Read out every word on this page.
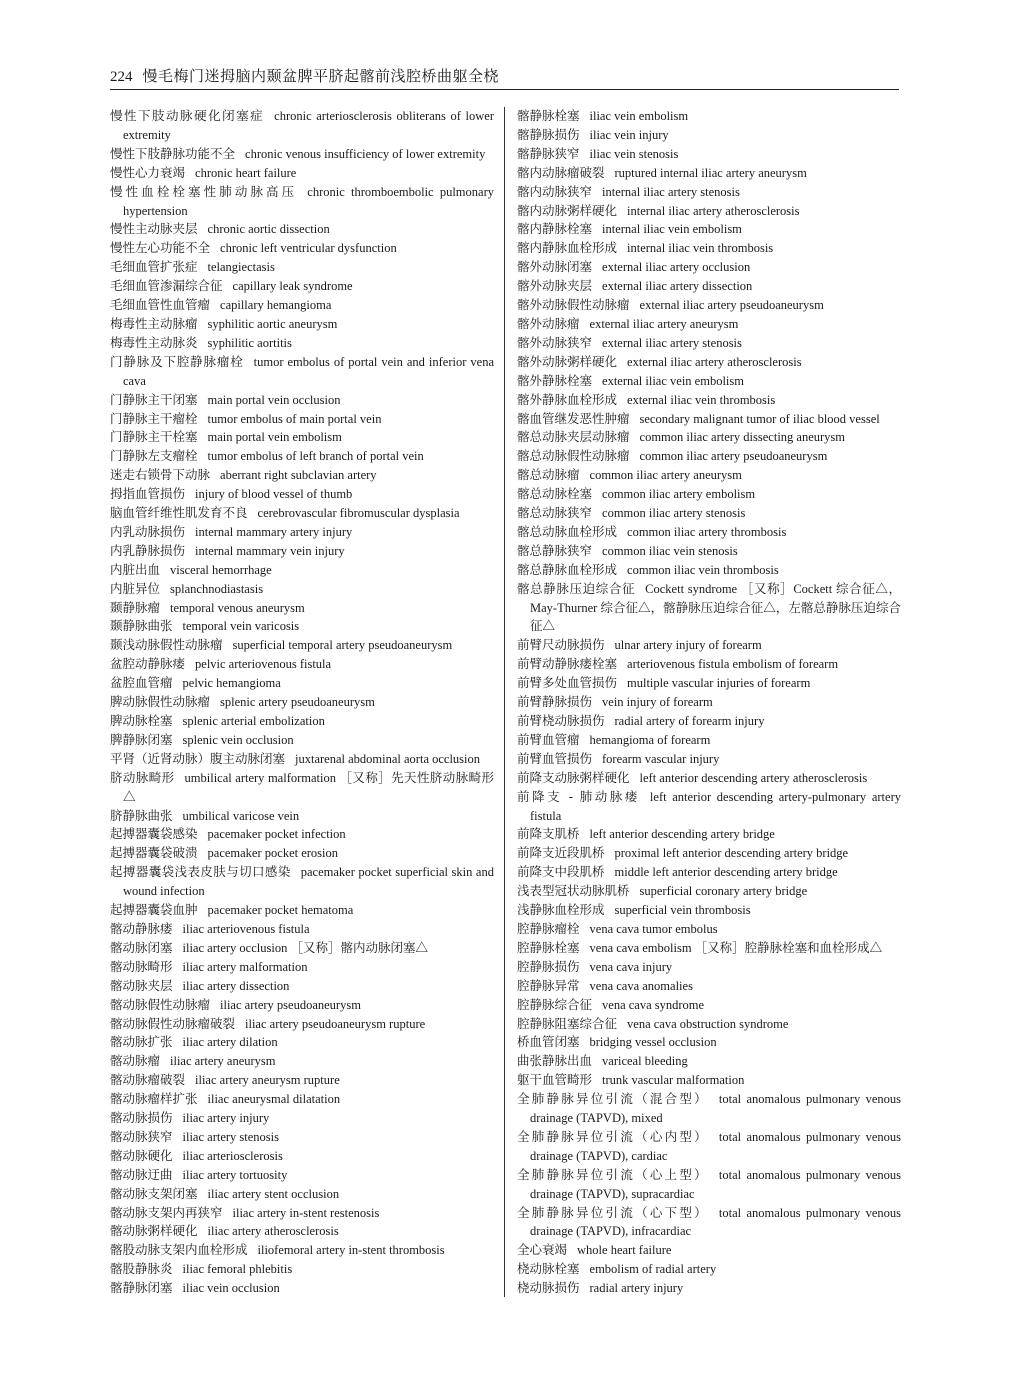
224 慢毛梅门迷拇脑内颞盆脾平脐起髂前浅腔桥曲躯全桡
慢性下肢动脉硬化闭塞症 chronic arteriosclerosis obliterans of lower extremity
慢性下肢静脉功能不全 chronic venous insufficiency of lower extremity
慢性心力衰竭 chronic heart failure
慢性血栓栓塞性肺动脉高压 chronic thromboembolic pulmonary hypertension
慢性主动脉夹层 chronic aortic dissection
慢性左心功能不全 chronic left ventricular dysfunction
毛细血管扩张症 telangiectasis
毛细血管渗漏综合征 capillary leak syndrome
毛细血管性血管瘤 capillary hemangioma
梅毒性主动脉瘤 syphilitic aortic aneurysm
梅毒性主动脉炎 syphilitic aortitis
门静脉及下腔静脉瘤栓 tumor embolus of portal vein and inferior vena cava
门静脉主干闭塞 main portal vein occlusion
门静脉主干瘤栓 tumor embolus of main portal vein
门静脉主干栓塞 main portal vein embolism
门静脉左支瘤栓 tumor embolus of left branch of portal vein
迷走右锁骨下动脉 aberrant right subclavian artery
拇指血管损伤 injury of blood vessel of thumb
脑血管纤维性肌发育不良 cerebrovascular fibromuscular dysplasia
内乳动脉损伤 internal mammary artery injury
内乳静脉损伤 internal mammary vein injury
内脏出血 visceral hemorrhage
内脏异位 splanchnodiastasis
颞静脉瘤 temporal venous aneurysm
颞静脉曲张 temporal vein varicosis
颞浅动脉假性动脉瘤 superficial temporal artery pseudoaneurysm
盆腔动静脉瘘 pelvic arteriovenous fistula
盆腔血管瘤 pelvic hemangioma
脾动脉假性动脉瘤 splenic artery pseudoaneurysm
脾动脉栓塞 splenic arterial embolization
脾静脉闭塞 splenic vein occlusion
平肾（近肾动脉）腹主动脉闭塞 juxtarenal abdominal aorta occlusion
脐动脉畸形 umbilical artery malformation ［又称］先天性脐动脉畸形△
脐静脉曲张 umbilical varicose vein
起搏器囊袋感染 pacemaker pocket infection
起搏器囊袋破溃 pacemaker pocket erosion
起搏器囊袋浅表皮肤与切口感染 pacemaker pocket superficial skin and wound infection
起搏器囊袋血肿 pacemaker pocket hematoma
髂动静脉瘘 iliac arteriovenous fistula
髂动脉闭塞 iliac artery occlusion ［又称］髂内动脉闭塞△
髂动脉畸形 iliac artery malformation
髂动脉夹层 iliac artery dissection
髂动脉假性动脉瘤 iliac artery pseudoaneurysm
髂动脉假性动脉瘤破裂 iliac artery pseudoaneurysm rupture
髂动脉扩张 iliac artery dilation
髂动脉瘤 iliac artery aneurysm
髂动脉瘤破裂 iliac artery aneurysm rupture
髂动脉瘤样扩张 iliac aneurysmal dilatation
髂动脉损伤 iliac artery injury
髂动脉狭窄 iliac artery stenosis
髂动脉硬化 iliac arteriosclerosis
髂动脉迂曲 iliac artery tortuosity
髂动脉支架闭塞 iliac artery stent occlusion
髂动脉支架内再狭窄 iliac artery in-stent restenosis
髂动脉粥样硬化 iliac artery atherosclerosis
髂股动脉支架内血栓形成 iliofemoral artery in-stent thrombosis
髂股静脉炎 iliac femoral phlebitis
髂静脉闭塞 iliac vein occlusion
髂静脉栓塞 iliac vein embolism
髂静脉损伤 iliac vein injury
髂静脉狭窄 iliac vein stenosis
髂内动脉瘤破裂 ruptured internal iliac artery aneurysm
髂内动脉狭窄 internal iliac artery stenosis
髂内动脉粥样硬化 internal iliac artery atherosclerosis
髂内静脉栓塞 internal iliac vein embolism
髂内静脉血栓形成 internal iliac vein thrombosis
髂外动脉闭塞 external iliac artery occlusion
髂外动脉夹层 external iliac artery dissection
髂外动脉假性动脉瘤 external iliac artery pseudoaneurysm
髂外动脉瘤 external iliac artery aneurysm
髂外动脉狭窄 external iliac artery stenosis
髂外动脉粥样硬化 external iliac artery atherosclerosis
髂外静脉栓塞 external iliac vein embolism
髂外静脉血栓形成 external iliac vein thrombosis
髂血管继发恶性肿瘤 secondary malignant tumor of iliac blood vessel
髂总动脉夹层动脉瘤 common iliac artery dissecting aneurysm
髂总动脉假性动脉瘤 common iliac artery pseudoaneurysm
髂总动脉瘤 common iliac artery aneurysm
髂总动脉栓塞 common iliac artery embolism
髂总动脉狭窄 common iliac artery stenosis
髂总动脉血栓形成 common iliac artery thrombosis
髂总静脉狭窄 common iliac vein stenosis
髂总静脉血栓形成 common iliac vein thrombosis
髂总静脉压迫综合征 Cockett syndrome ［又称］Cockett 综合征△，May-Thurner 综合征△，髂静脉压迫综合征△，左髂总静脉压迫综合征△
前臂尺动脉损伤 ulnar artery injury of forearm
前臂动静脉瘘栓塞 arteriovenous fistula embolism of forearm
前臂多处血管损伤 multiple vascular injuries of forearm
前臂静脉损伤 vein injury of forearm
前臂桡动脉损伤 radial artery of forearm injury
前臂血管瘤 hemangioma of forearm
前臂血管损伤 forearm vascular injury
前降支动脉粥样硬化 left anterior descending artery atherosclerosis
前降支 - 肺动脉瘘 left anterior descending artery-pulmonary artery fistula
前降支肌桥 left anterior descending artery bridge
前降支近段肌桥 proximal left anterior descending artery bridge
前降支中段肌桥 middle left anterior descending artery bridge
浅表型冠状动脉肌桥 superficial coronary artery bridge
浅静脉血栓形成 superficial vein thrombosis
腔静脉瘤栓 vena cava tumor embolus
腔静脉栓塞 vena cava embolism ［又称］腔静脉栓塞和血栓形成△
腔静脉损伤 vena cava injury
腔静脉异常 vena cava anomalies
腔静脉综合征 vena cava syndrome
腔静脉阻塞综合征 vena cava obstruction syndrome
桥血管闭塞 bridging vessel occlusion
曲张静脉出血 variceal bleeding
躯干血管畸形 trunk vascular malformation
全肺静脉异位引流（混合型） total anomalous pulmonary venous drainage (TAPVD), mixed
全肺静脉异位引流（心内型） total anomalous pulmonary venous drainage (TAPVD), cardiac
全肺静脉异位引流（心上型） total anomalous pulmonary venous drainage (TAPVD), supracardiac
全肺静脉异位引流（心下型） total anomalous pulmonary venous drainage (TAPVD), infracardiac
全心衰竭 whole heart failure
桡动脉栓塞 embolism of radial artery
桡动脉损伤 radial artery injury
